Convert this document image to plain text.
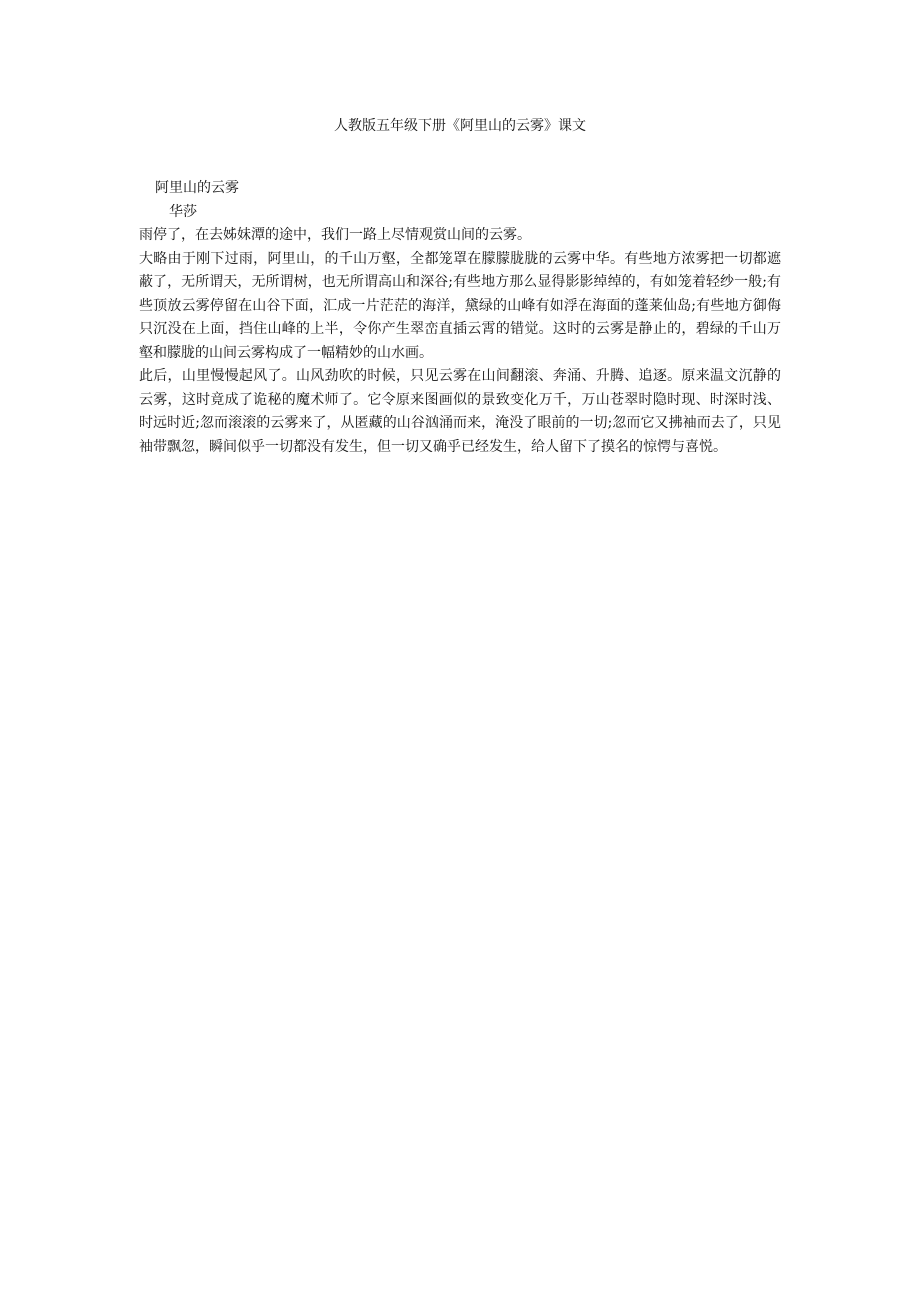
人教版五年级下册《阿里山的云雾》课文
阿里山的云雾

华莎

雨停了，在去姊妹潭的途中，我们一路上尽情观赏山间的云雾。

大略由于刚下过雨，阿里山，的千山万壑，全都笼罩在朦朦胧胧的云雾中华。有些地方浓雾把一切都遮蔽了，无所谓天，无所谓树，也无所谓高山和深谷;有些地方那么显得影影绰绰的，有如笼着轻纱一般;有些顶放云雾停留在山谷下面，汇成一片茫茫的海洋，黛绿的山峰有如浮在海面的蓬莱仙岛;有些地方御侮只沉没在上面，挡住山峰的上半，令你产生翠峦直插云霄的错觉。这时的云雾是静止的，碧绿的千山万壑和朦胧的山间云雾构成了一幅精妙的山水画。

此后，山里慢慢起风了。山风劲吹的时候，只见云雾在山间翻滚、奔涌、升腾、追逐。原来温文沉静的云雾，这时竟成了诡秘的魔术师了。它令原来图画似的景致变化万千，万山苍翠时隐时现、时深时浅、时远时近;忽而滚滚的云雾来了，从匿藏的山谷汹涌而来，淹没了眼前的一切;忽而它又拂袖而去了，只见袖带飘忽，瞬间似乎一切都没有发生，但一切又确乎已经发生，给人留下了摸名的惊愕与喜悦。
